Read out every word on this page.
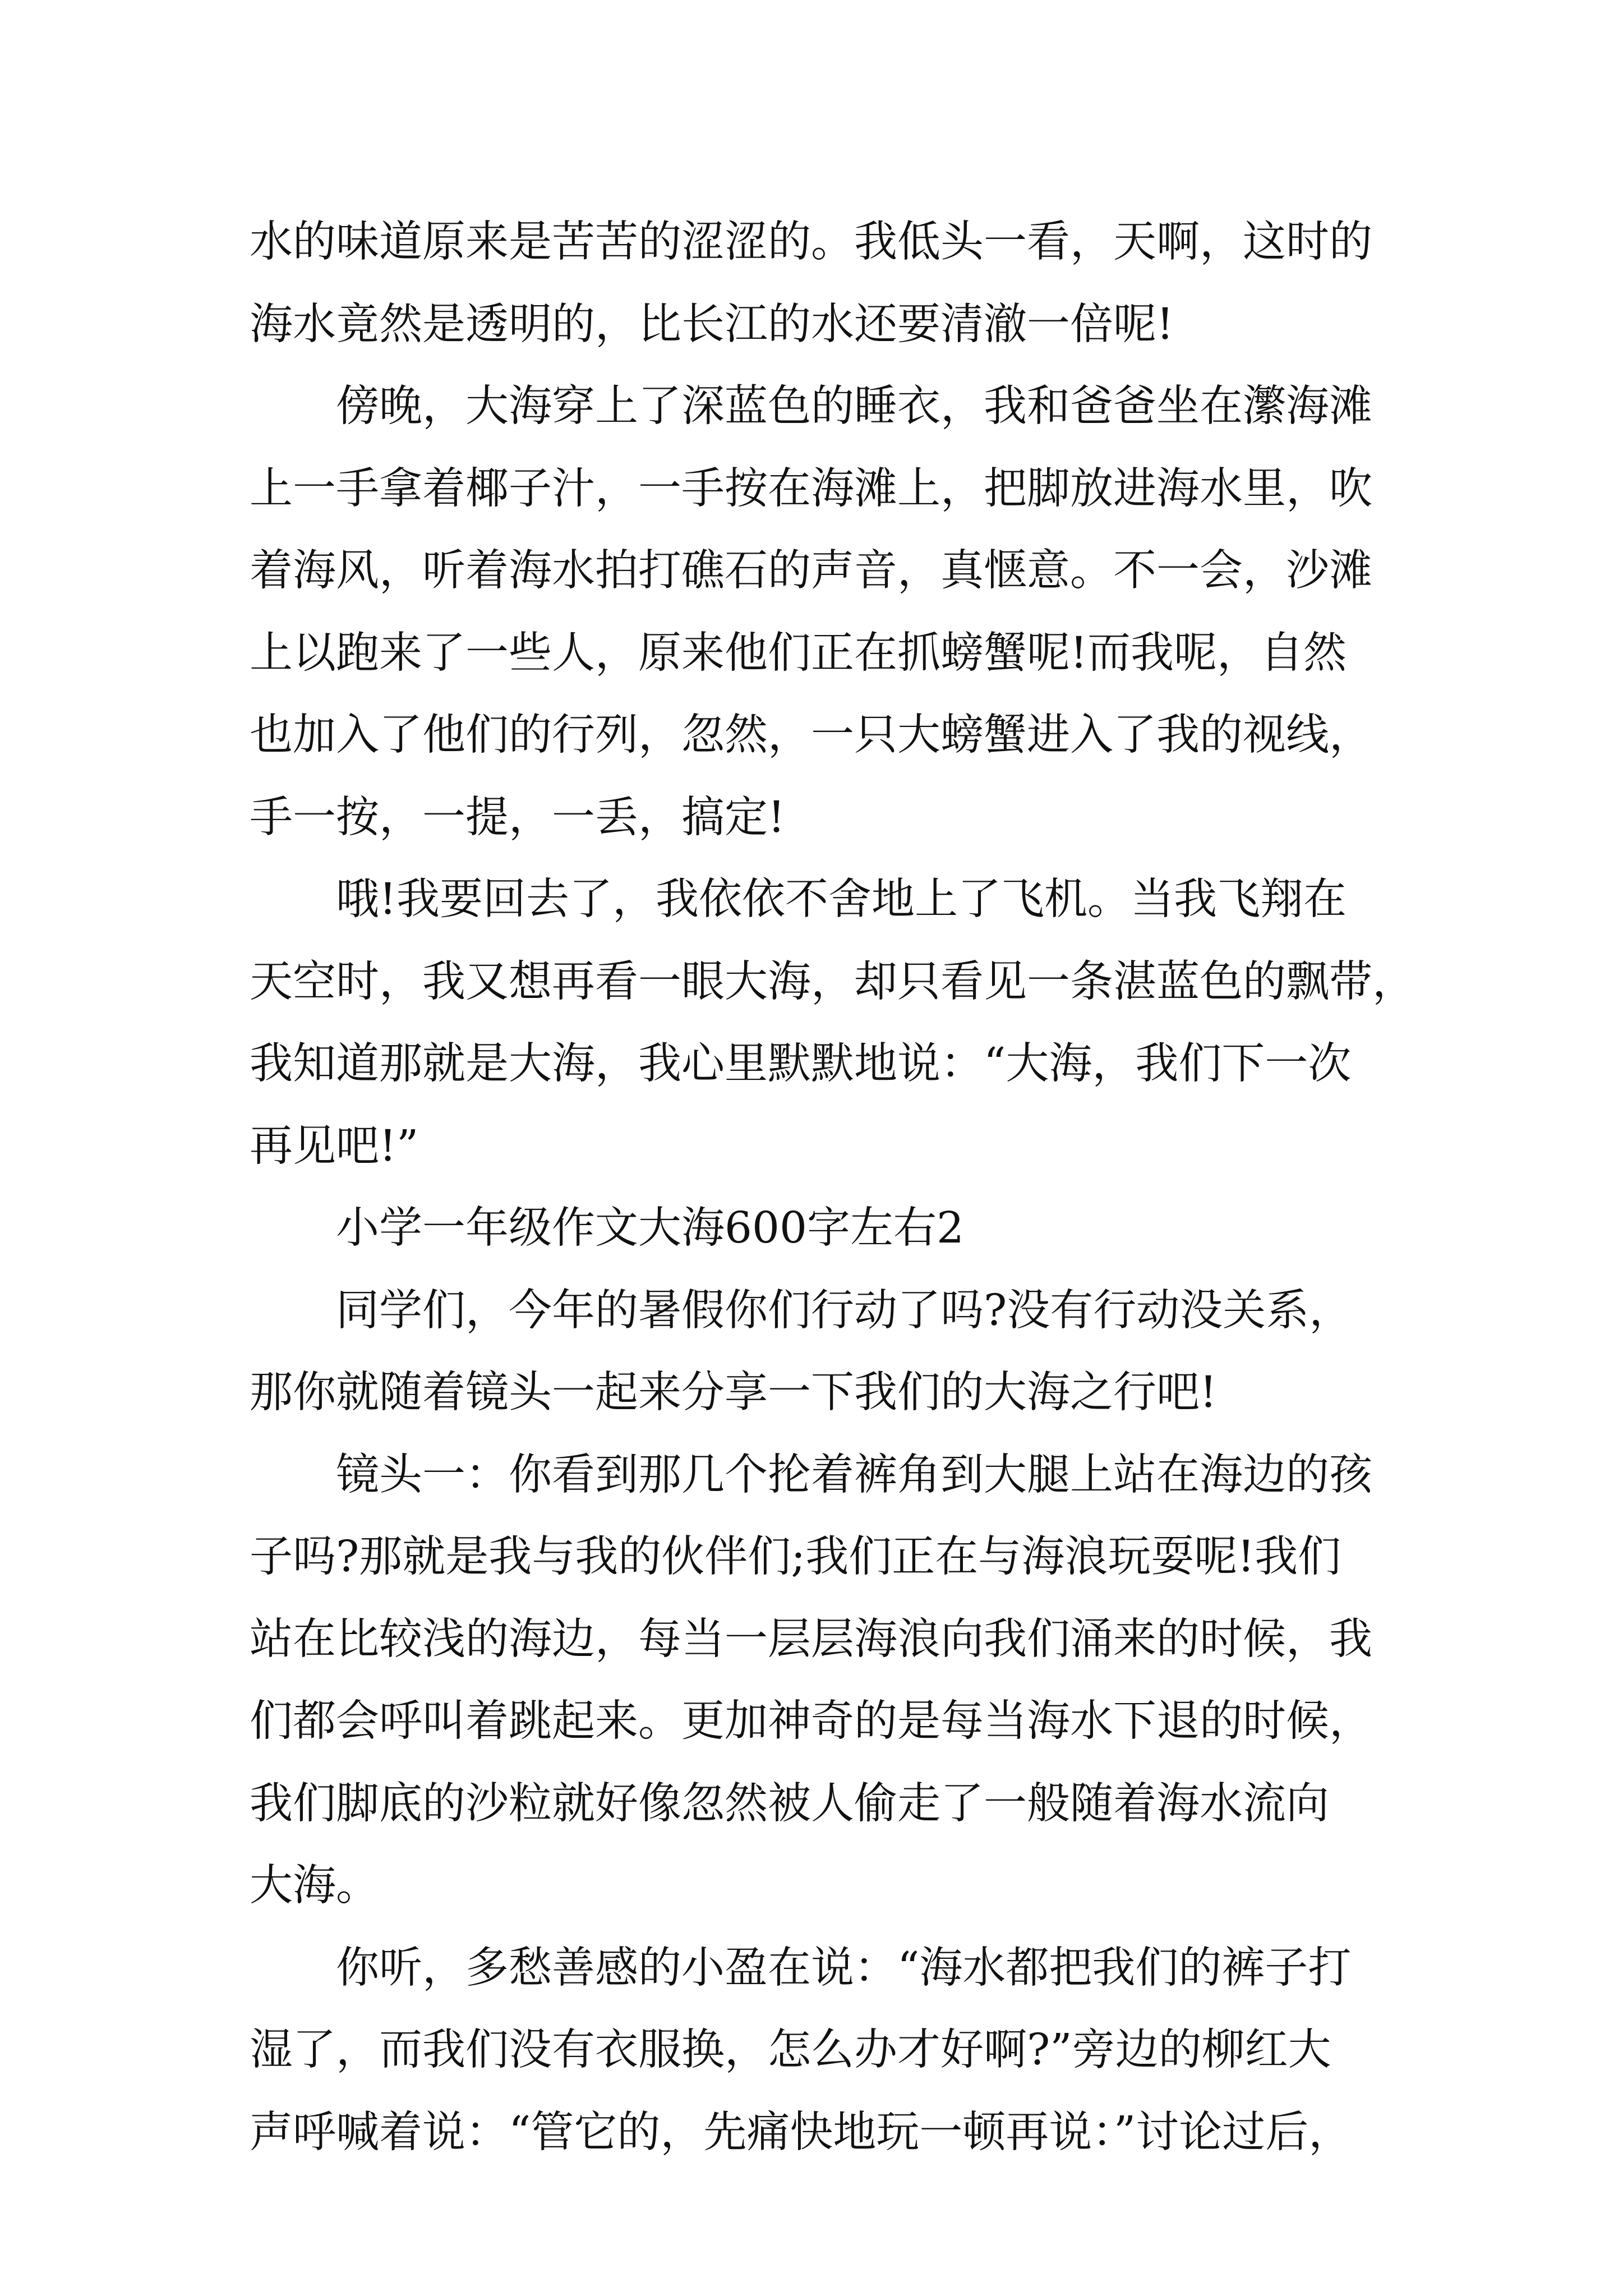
水的味道原来是苦苦的涩涩的。我低头一看，天啊，这时的
海水竟然是透明的，比长江的水还要清澈一倍呢!
傍晚，大海穿上了深蓝色的睡衣，我和爸爸坐在瀿海滩
上一手拿着椰子汁，一手按在海滩上，把脚放进海水里，吹
着海风，听着海水拍打礁石的声音，真惬意。不一会，沙滩
上以跑来了一些人，原来他们正在抓螃蟹呢!而我呢，自然
也加入了他们的行列，忽然，一只大螃蟹进入了我的视线，
手一按，一提，一丢，搞定!
哦!我要回去了，我依依不舍地上了飞机。当我飞翔在
天空时，我又想再看一眼大海，却只看见一条湛蓝色的飘带，
我知道那就是大海，我心里默默地说：“大海，我们下一次
再见吧!”
小学一年级作文大海600字左右2
同学们，今年的暑假你们行动了吗?没有行动没关系，
那你就随着镜头一起来分享一下我们的大海之行吧!
镜头一：你看到那几个抡着裤角到大腿上站在海边的孩
子吗?那就是我与我的伙伴们;我们正在与海浪玩耍呢!我们
站在比较浅的海边，每当一层层海浪向我们涌来的时候，我
们都会呼叫着跳起来。更加神奇的是每当海水下退的时候，
我们脚底的沙粒就好像忽然被人偷走了一般随着海水流向
大海。
你听，多愁善感的小盈在说：“海水都把我们的裤子打
湿了，而我们没有衣服换，怎么办才好啊?”旁边的柳红大
声呼喊着说：“管它的，先痛快地玩一顿再说：”讨论过后，
